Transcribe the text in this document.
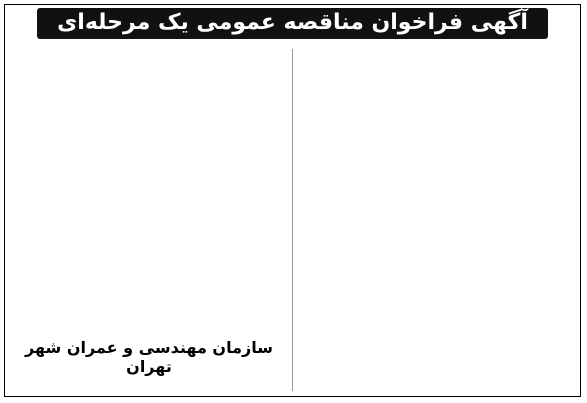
آگهی فراخوان مناقصه عمومی یک مرحله‌ای
سازمان مهندسی و عمران شهر تهران
